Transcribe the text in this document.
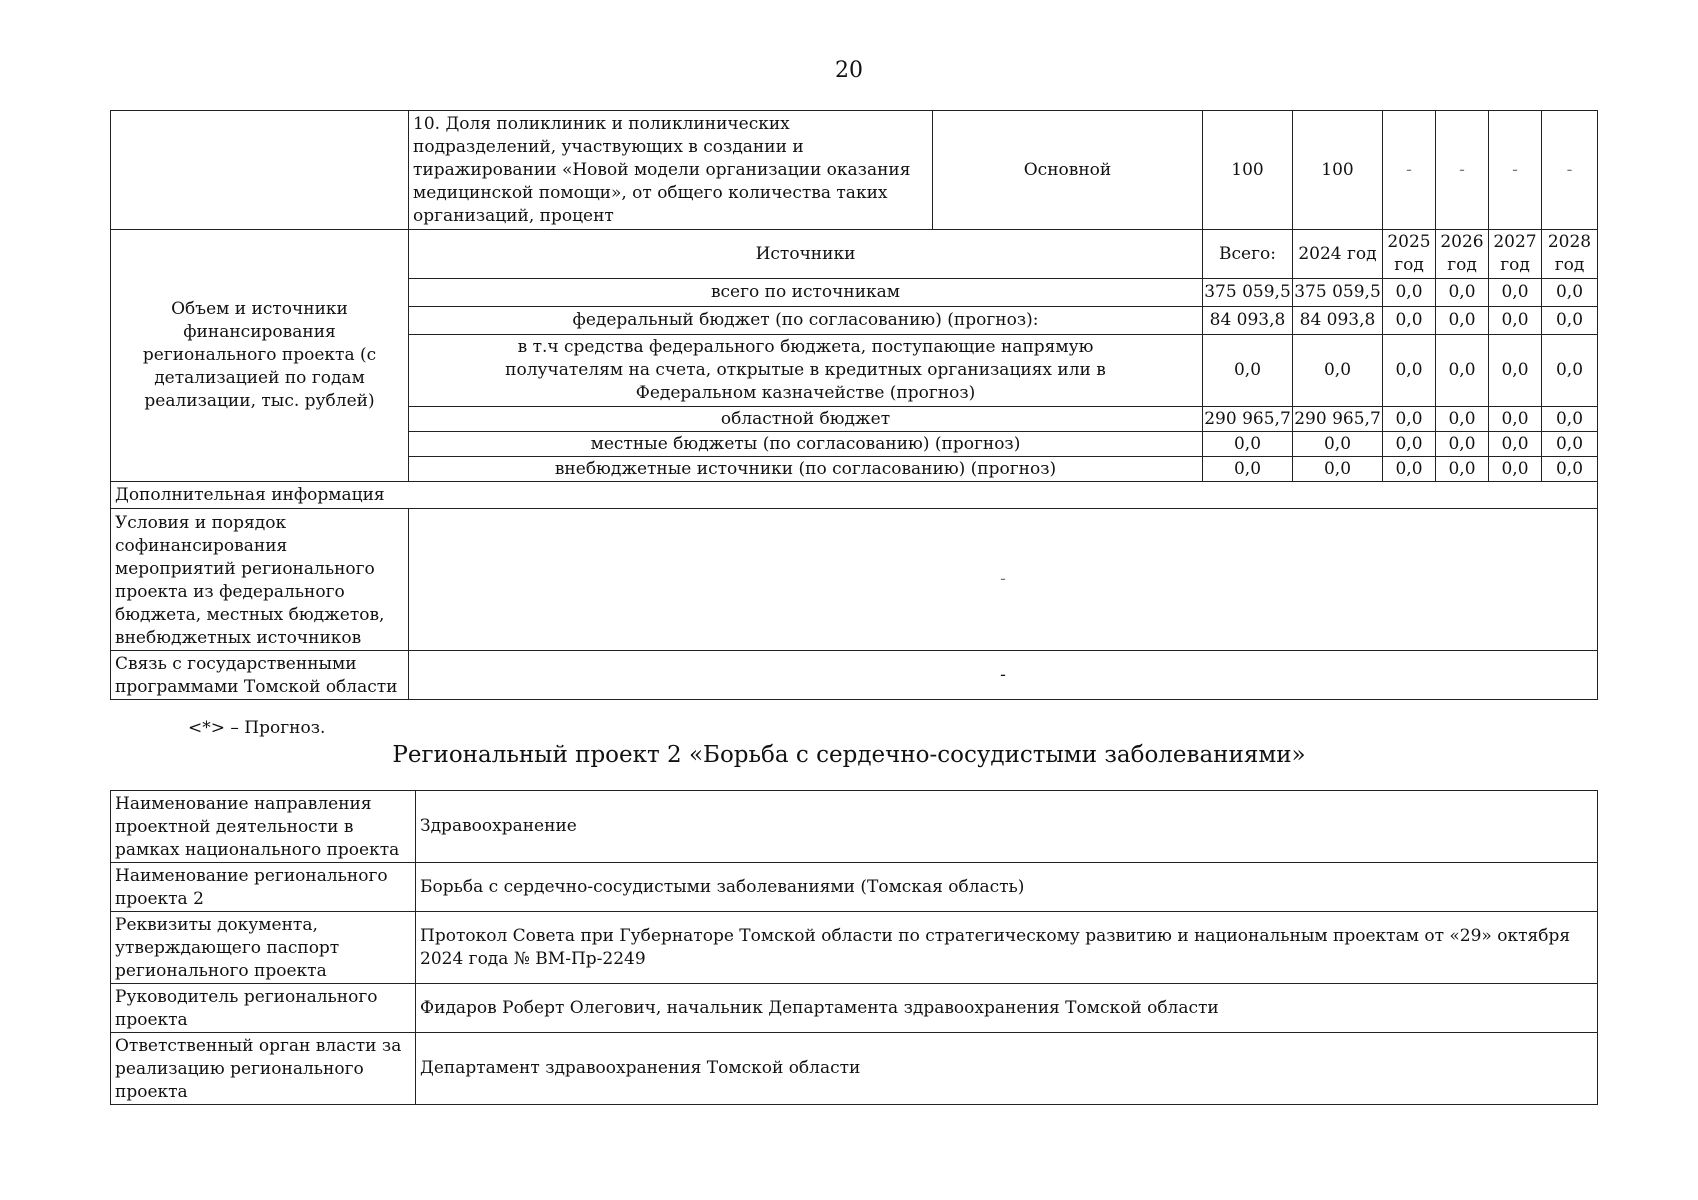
20
	10. Доля поликлиник и поликлинических подразделений, участвующих в создании и тиражировании «Новой модели организации оказания медицинской помощи», от общего количества таких организаций, процент	Основной	100	100	-	-	-	-
Объем и источники финансирования регионального проекта (с детализацией по годам реализации, тыс. рублей)	Источники		Всего:	2024 год	2025 год	2026 год	2027 год	2028 год
	всего по источникам		375 059,5	375 059,5	0,0	0,0	0,0	0,0
	федеральный бюджет (по согласованию) (прогноз):		84 093,8	84 093,8	0,0	0,0	0,0	0,0
	в т.ч средства федерального бюджета, поступающие напрямую получателям на счета, открытые в кредитных организациях или в Федеральном казначействе (прогноз)		0,0	0,0	0,0	0,0	0,0	0,0
	областной бюджет		290 965,7	290 965,7	0,0	0,0	0,0	0,0
	местные бюджеты (по согласованию) (прогноз)		0,0	0,0	0,0	0,0	0,0	0,0
	внебюджетные источники (по согласованию) (прогноз)		0,0	0,0	0,0	0,0	0,0	0,0
Дополнительная информация								
Условия и порядок софинансирования мероприятий регионального проекта из федерального бюджета, местных бюджетов, внебюджетных источников	-							
Связь с государственными программами Томской области	-							
<*> – Прогноз.
Региональный проект 2 «Борьба с сердечно-сосудистыми заболеваниями»
Наименование направления проектной деятельности в рамках национального проекта	Здравоохранение
Наименование регионального проекта 2	Борьба с сердечно-сосудистыми заболеваниями (Томская область)
Реквизиты документа, утверждающего паспорт регионального проекта	Протокол Совета при Губернаторе Томской области по стратегическому развитию и национальным проектам от «29» октября 2024 года № ВМ-Пр-2249
Руководитель регионального проекта	Фидаров Роберт Олегович, начальник Департамента здравоохранения Томской области
Ответственный орган власти за реализацию регионального проекта	Департамент здравоохранения Томской области
